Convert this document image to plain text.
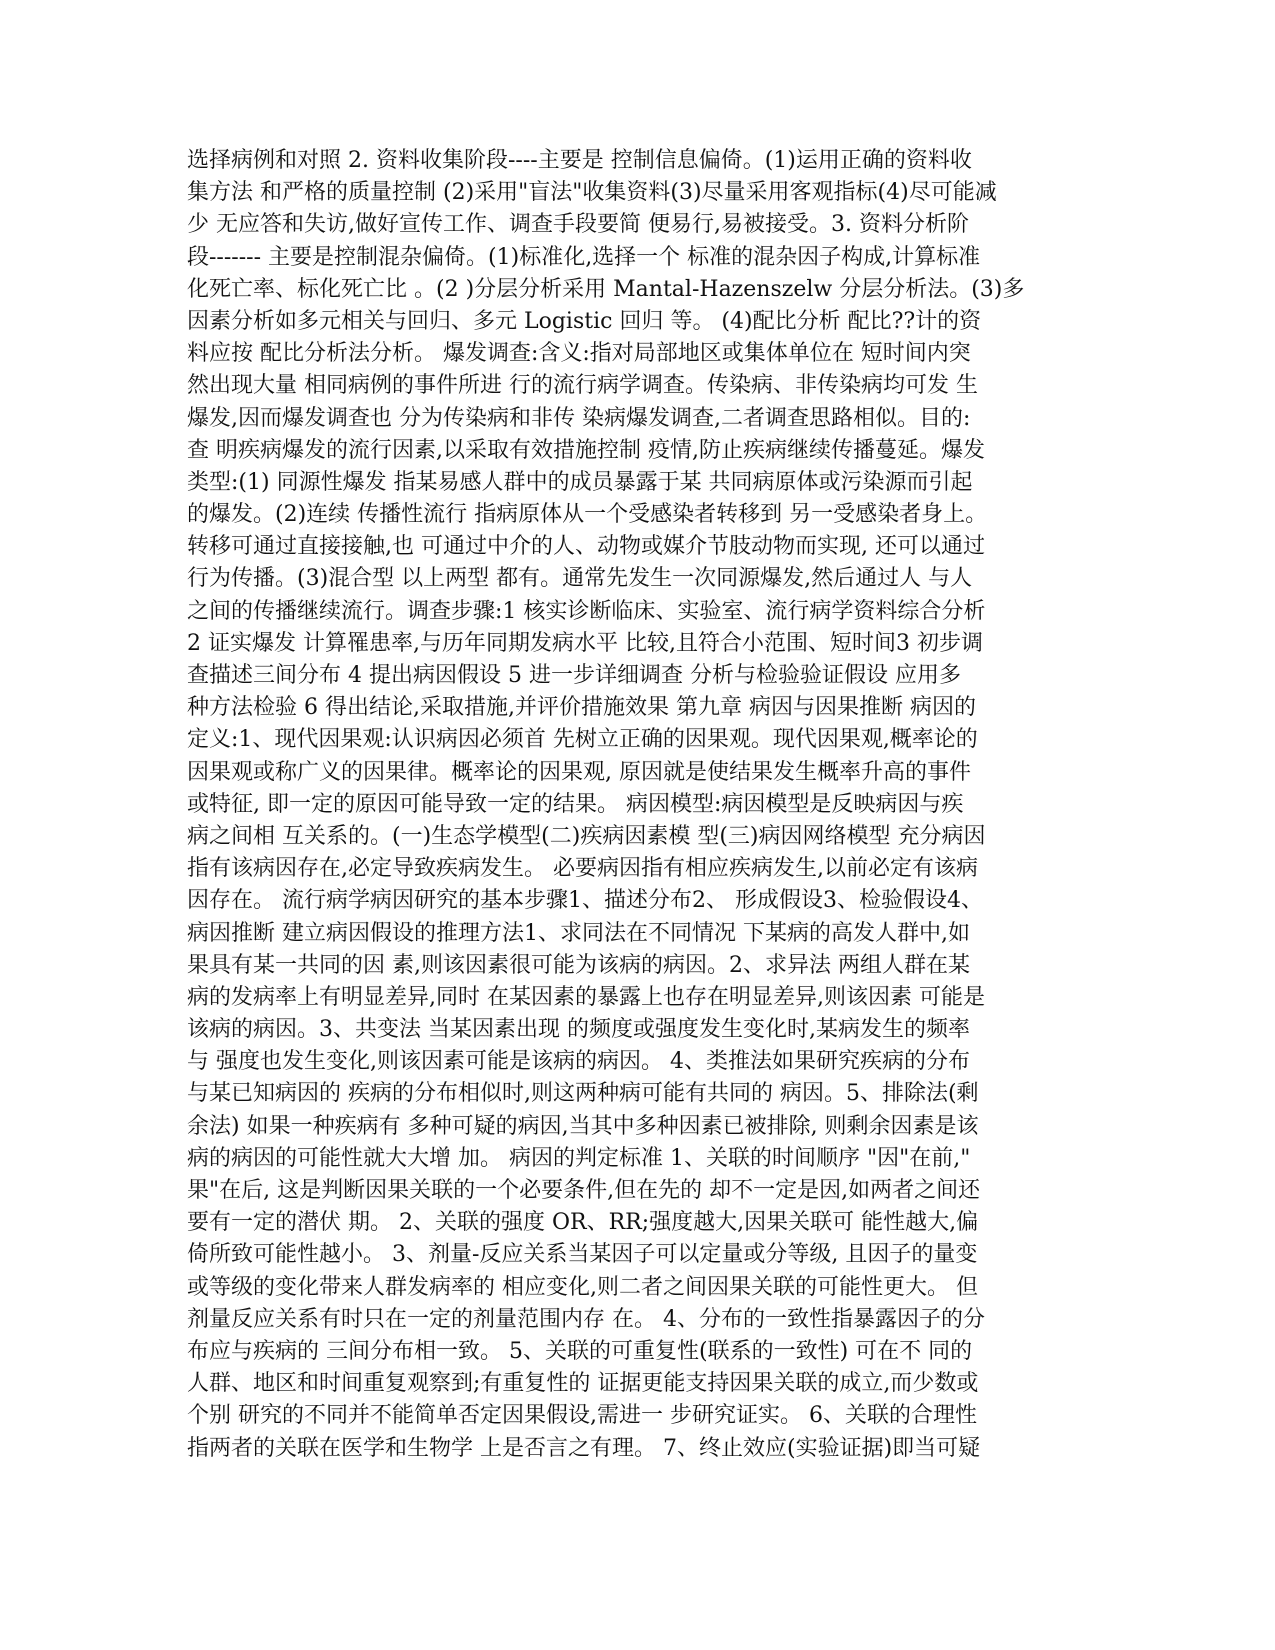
选择病例和对照 2. 资料收集阶段----主要是 控制信息偏倚。(1)运用正确的资料收
集方法 和严格的质量控制 (2)采用"盲法"收集资料(3)尽量采用客观指标(4)尽可能减
少 无应答和失访,做好宣传工作、调查手段要简 便易行,易被接受。3. 资料分析阶
段------- 主要是控制混杂偏倚。(1)标准化,选择一个 标准的混杂因子构成,计算标准
化死亡率、标化死亡比 。(2 )分层分析采用 Mantal-Hazenszelw 分层分析法。(3)多
因素分析如多元相关与回归、多元 Logistic 回归 等。 (4)配比分析 配比??计的资
料应按 配比分析法分析。 爆发调查:含义:指对局部地区或集体单位在 短时间内突
然出现大量 相同病例的事件所进 行的流行病学调查。传染病、非传染病均可发 生
爆发,因而爆发调查也 分为传染病和非传 染病爆发调查,二者调查思路相似。目的:
查 明疾病爆发的流行因素,以采取有效措施控制 疫情,防止疾病继续传播蔓延。爆发
类型:(1) 同源性爆发 指某易感人群中的成员暴露于某 共同病原体或污染源而引起
的爆发。(2)连续 传播性流行 指病原体从一个受感染者转移到 另一受感染者身上。
转移可通过直接接触,也 可通过中介的人、动物或媒介节肢动物而实现, 还可以通过
行为传播。(3)混合型 以上两型 都有。通常先发生一次同源爆发,然后通过人 与人
之间的传播继续流行。调查步骤:1 核实诊断临床、实验室、流行病学资料综合分析
2 证实爆发 计算罹患率,与历年同期发病水平 比较,且符合小范围、短时间3 初步调
查描述三间分布 4 提出病因假设 5 进一步详细调查 分析与检验验证假设 应用多
种方法检验 6 得出结论,采取措施,并评价措施效果 第九章 病因与因果推断 病因的
定义:1、现代因果观:认识病因必须首 先树立正确的因果观。现代因果观,概率论的
因果观或称广义的因果律。概率论的因果观, 原因就是使结果发生概率升高的事件
或特征, 即一定的原因可能导致一定的结果。 病因模型:病因模型是反映病因与疾
病之间相 互关系的。(一)生态学模型(二)疾病因素模 型(三)病因网络模型 充分病因
指有该病因存在,必定导致疾病发生。 必要病因指有相应疾病发生,以前必定有该病
因存在。 流行病学病因研究的基本步骤1、描述分布2、 形成假设3、检验假设4、
病因推断 建立病因假设的推理方法1、求同法在不同情况 下某病的高发人群中,如
果具有某一共同的因 素,则该因素很可能为该病的病因。2、求异法 两组人群在某
病的发病率上有明显差异,同时 在某因素的暴露上也存在明显差异,则该因素 可能是
该病的病因。3、共变法 当某因素出现 的频度或强度发生变化时,某病发生的频率
与 强度也发生变化,则该因素可能是该病的病因。 4、类推法如果研究疾病的分布
与某已知病因的 疾病的分布相似时,则这两种病可能有共同的 病因。5、排除法(剩
余法) 如果一种疾病有 多种可疑的病因,当其中多种因素已被排除, 则剩余因素是该
病的病因的可能性就大大增 加。 病因的判定标准 1、关联的时间顺序 "因"在前,"
果"在后, 这是判断因果关联的一个必要条件,但在先的 却不一定是因,如两者之间还
要有一定的潜伏 期。 2、关联的强度 OR、RR;强度越大,因果关联可 能性越大,偏
倚所致可能性越小。 3、剂量-反应关系当某因子可以定量或分等级, 且因子的量变
或等级的变化带来人群发病率的 相应变化,则二者之间因果关联的可能性更大。 但
剂量反应关系有时只在一定的剂量范围内存 在。 4、分布的一致性指暴露因子的分
布应与疾病的 三间分布相一致。 5、关联的可重复性(联系的一致性) 可在不 同的
人群、地区和时间重复观察到;有重复性的 证据更能支持因果关联的成立,而少数或
个别 研究的不同并不能简单否定因果假设,需进一 步研究证实。 6、关联的合理性
指两者的关联在医学和生物学 上是否言之有理。 7、终止效应(实验证据)即当可疑
